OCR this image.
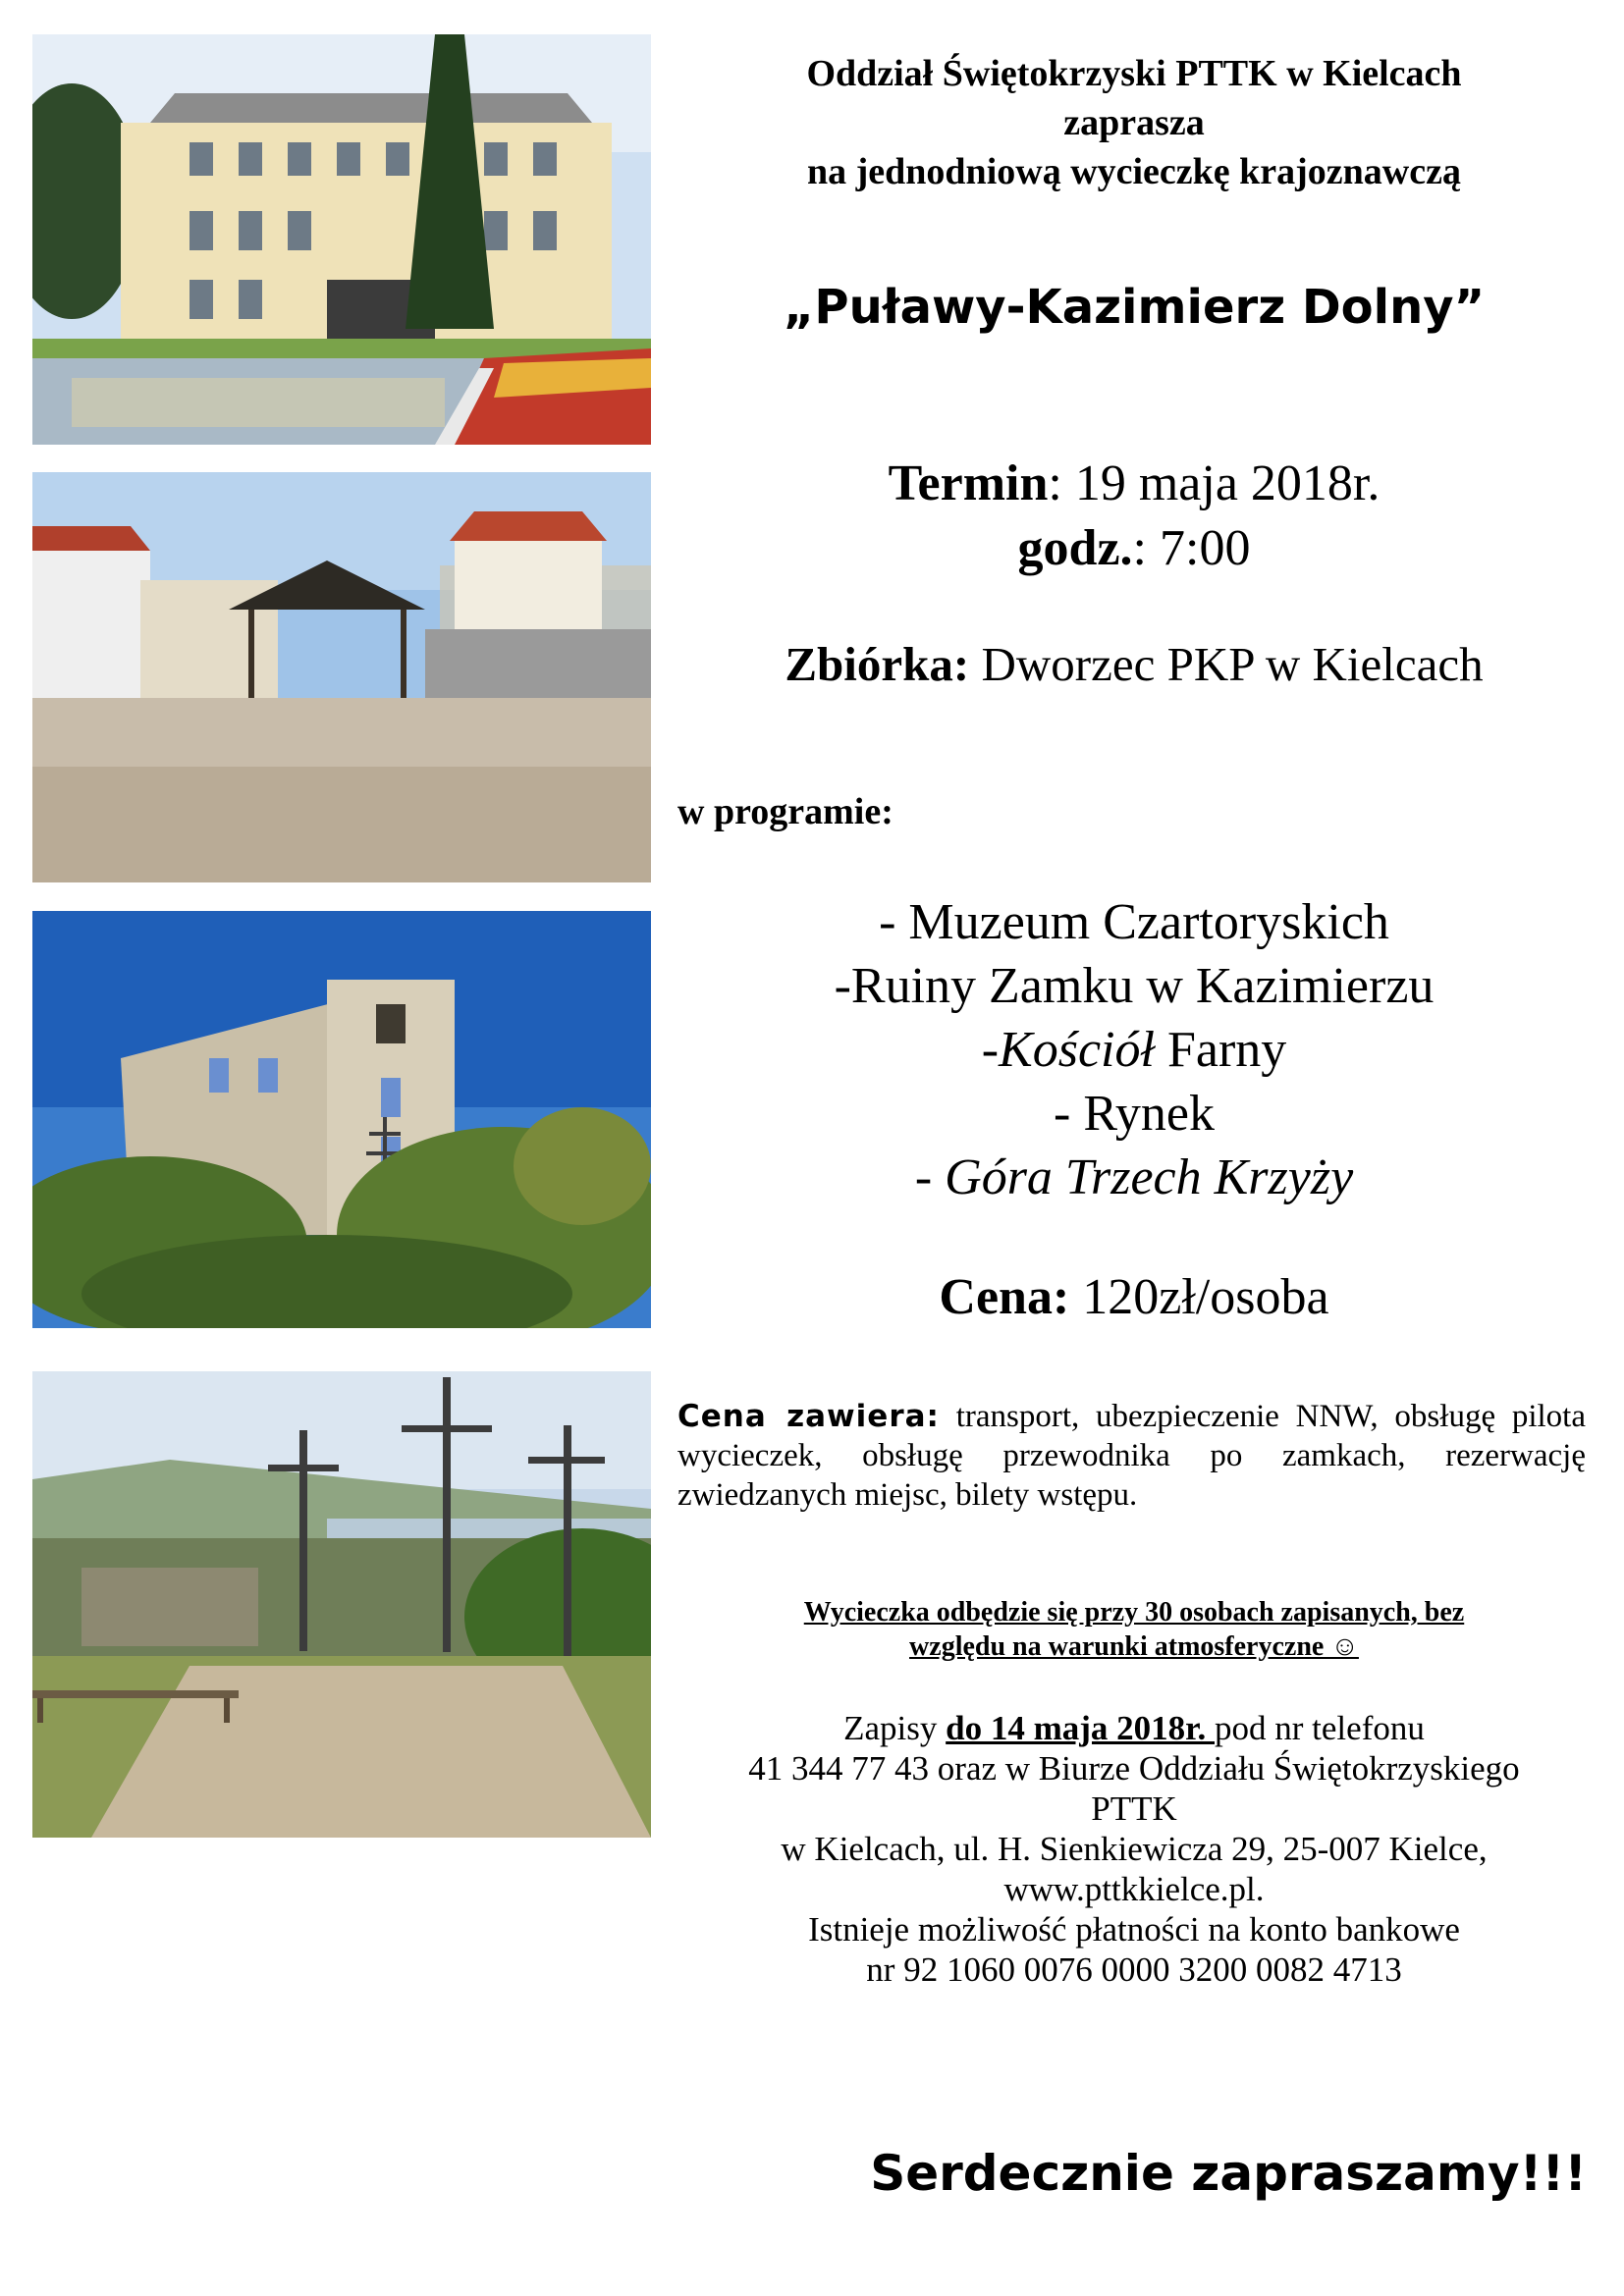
Oddział Świętokrzyski PTTK w Kielcach
zaprasza
na jednodniową wycieczkę krajoznawczą
„Puławy-Kazimierz Dolny”
Termin: 19 maja 2018r.
godz.: 7:00
Zbiórka: Dworzec PKP w Kielcach
w programie:
- Muzeum Czartoryskich
-Ruiny Zamku w Kazimierzu
-Kościół Farny
- Rynek
- Góra Trzech Krzyży
Cena: 120zł/osoba
Cena zawiera: transport, ubezpieczenie NNW, obsługę pilota wycieczek, obsługę przewodnika po zamkach, rezerwację zwiedzanych miejsc, bilety wstępu.
Wycieczka odbędzie się przy 30 osobach zapisanych, bez
względu na warunki atmosferyczne ☺
Zapisy do 14 maja 2018r. pod nr telefonu
41 344 77 43 oraz w Biurze Oddziału Świętokrzyskiego
PTTK
w Kielcach, ul. H. Sienkiewicza 29, 25-007 Kielce,
www.pttkkielce.pl.
Istnieje możliwość płatności na konto bankowe
nr 92 1060 0076 0000 3200 0082 4713
Serdecznie zapraszamy!!!
